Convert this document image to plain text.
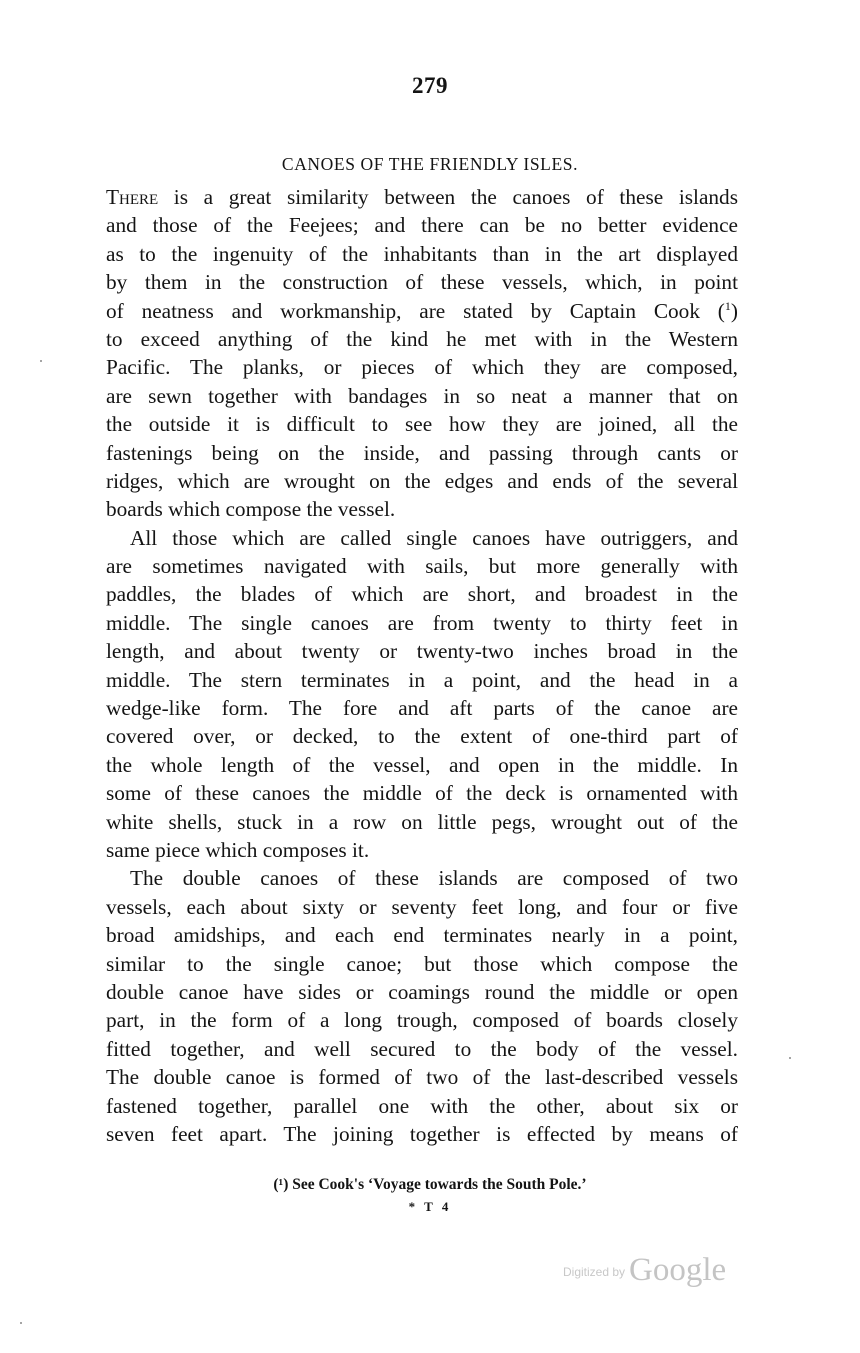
279
CANOES OF THE FRIENDLY ISLES.
There is a great similarity between the canoes of these islands
and those of the Feejees; and there can be no better evidence
as to the ingenuity of the inhabitants than in the art displayed
by them in the construction of these vessels, which, in point
of neatness and workmanship, are stated by Captain Cook ($^1$)
to exceed anything of the kind he met with in the Western
Pacific. The planks, or pieces of which they are composed,
are sewn together with bandages in so neat a manner that on
the outside it is difficult to see how they are joined, all the
fastenings being on the inside, and passing through cants or
ridges, which are wrought on the edges and ends of the several
boards which compose the vessel.
All those which are called single canoes have outriggers, and
are sometimes navigated with sails, but more generally with
paddles, the blades of which are short, and broadest in the
middle. The single canoes are from twenty to thirty feet in
length, and about twenty or twenty-two inches broad in the
middle. The stern terminates in a point, and the head in a
wedge-like form. The fore and aft parts of the canoe are
covered over, or decked, to the extent of one-third part of
the whole length of the vessel, and open in the middle. In
some of these canoes the middle of the deck is ornamented with
white shells, stuck in a row on little pegs, wrought out of the
same piece which composes it.
The double canoes of these islands are composed of two
vessels, each about sixty or seventy feet long, and four or five
broad amidships, and each end terminates nearly in a point,
similar to the single canoe; but those which compose the
double canoe have sides or coamings round the middle or open
part, in the form of a long trough, composed of boards closely
fitted together, and well secured to the body of the vessel.
The double canoe is formed of two of the last-described vessels
fastened together, parallel one with the other, about six or
seven feet apart. The joining together is effected by means of
(¹) See Cook's ‘Voyage towards the South Pole.’
* T 4
$^{Digitized by}$ Google
